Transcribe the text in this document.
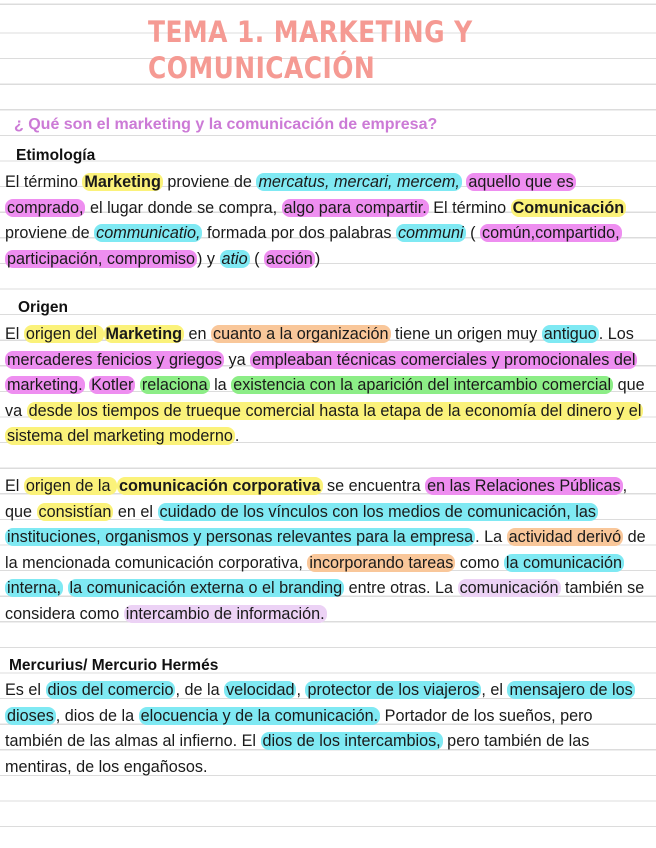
TEMA 1. MARKETING Y
COMUNICACIÓN
¿ Qué son el marketing y la comunicación de empresa?
Etimología
El término Marketing proviene de mercatus, mercari, mercem, aquello que es comprado, el lugar donde se compra, algo para compartir. El término Comunicación proviene de communicatio, formada por dos palabras communi ( común,compartido, participación, compromiso ) y atio ( acción )
Origen
El origen del Marketing en cuanto a la organización tiene un origen muy antiguo . Los mercaderes fenicios y griegos ya empleaban técnicas comerciales y promocionales del marketing. Kotler relaciona la existencia con la aparición del intercambio comercial que va desde los tiempos de trueque comercial hasta la etapa de la economía del dinero y el sistema del marketing moderno .
El origen de la comunicación corporativa se encuentra en las Relaciones Públicas , que consistían en el cuidado de los vínculos con los medios de comunicación, las instituciones, organismos y personas relevantes para la empresa . La actividad derivó de la mencionada comunicación corporativa, incorporando tareas como la comunicación interna, la comunicación externa o el branding entre otras. La comunicación también se considera como intercambio de información.
Mercurius/ Mercurio Hermés
Es el dios del comercio , de la velocidad , protector de los viajeros , el mensajero de los dioses , dios de la elocuencia y de la comunicación. Portador de los sueños, pero también de las almas al infierno. El dios de los intercambios, pero también de las mentiras, de los engañosos.
